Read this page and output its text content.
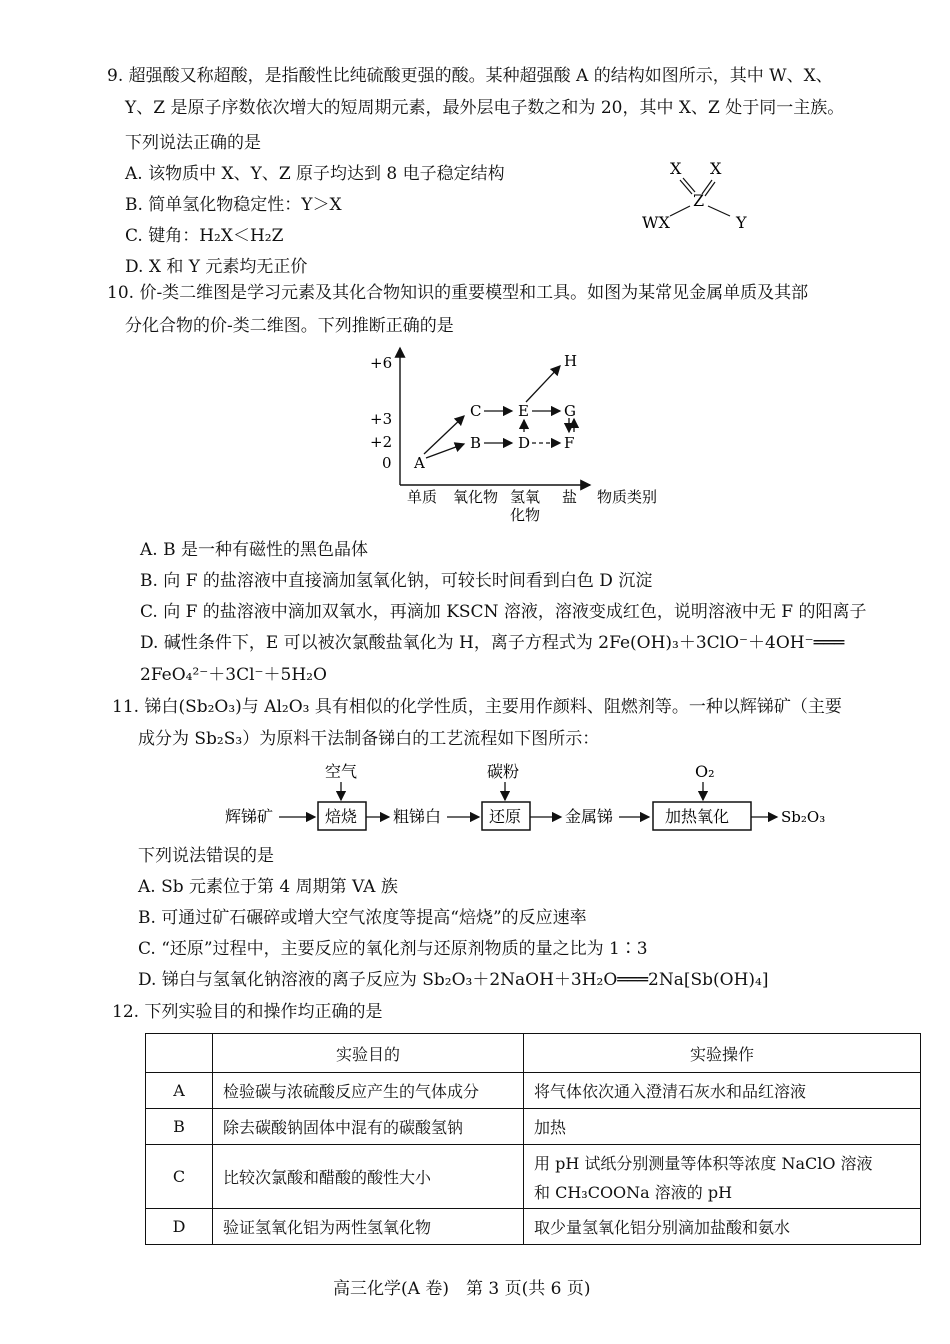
9. 超强酸又称超酸，是指酸性比纯硫酸更强的酸。某种超强酸 A 的结构如图所示，其中 W、X、
Y、Z 是原子序数依次增大的短周期元素，最外层电子数之和为 20，其中 X、Z 处于同一主族。
下列说法正确的是
A. 该物质中 X、Y、Z 原子均达到 8 电子稳定结构
B. 简单氢化物稳定性：Y＞X
C. 键角：H₂X＜H₂Z
D. X 和 Y 元素均无正价
X X
Z
WX	Y
10. 价-类二维图是学习元素及其化合物知识的重要模型和工具。如图为某常见金属单质及其部
分化合物的价-类二维图。下列推断正确的是
+6
+3
+2
0
单质 氧化物 氢氧
化物
盐 物质类别
A
B
C
D
E
F
G
H
A. B 是一种有磁性的黑色晶体
B. 向 F 的盐溶液中直接滴加氢氧化钠，可较长时间看到白色 D 沉淀
C. 向 F 的盐溶液中滴加双氧水，再滴加 KSCN 溶液，溶液变成红色，说明溶液中无 F 的阳离子
D. 碱性条件下，E 可以被次氯酸盐氧化为 H，离子方程式为 2Fe(OH)₃＋3ClO⁻＋4OH⁻═══
2FeO₄²⁻＋3Cl⁻＋5H₂O
11. 锑白(Sb₂O₃)与 Al₂O₃ 具有相似的化学性质，主要用作颜料、阻燃剂等。一种以辉锑矿（主要
成分为 Sb₂S₃）为原料干法制备锑白的工艺流程如下图所示：
辉锑矿
空气
焙烧 粗锑白
碳粉
还原	金属锑
O₂
加热氧化	Sb₂O₃
下列说法错误的是
A. Sb 元素位于第 4 周期第 VA 族
B. 可通过矿石碾碎或增大空气浓度等提高“焙烧”的反应速率
C. “还原”过程中，主要反应的氧化剂与还原剂物质的量之比为 1∶3
D. 锑白与氢氧化钠溶液的离子反应为 Sb₂O₃＋2NaOH＋3H₂O═══2Na[Sb(OH)₄]
12. 下列实验目的和操作均正确的是
	实验目的	实验操作
A	检验碳与浓硫酸反应产生的气体成分	将气体依次通入澄清石灰水和品红溶液
B	除去碳酸钠固体中混有的碳酸氢钠	加热
C	比较次氯酸和醋酸的酸性大小	用 pH 试纸分别测量等体积等浓度 NaClO 溶液
和 CH₃COONa 溶液的 pH

D	验证氢氧化铝为两性氢氧化物	取少量氢氧化铝分别滴加盐酸和氨水
高三化学(A 卷)　第 3 页(共 6 页)
